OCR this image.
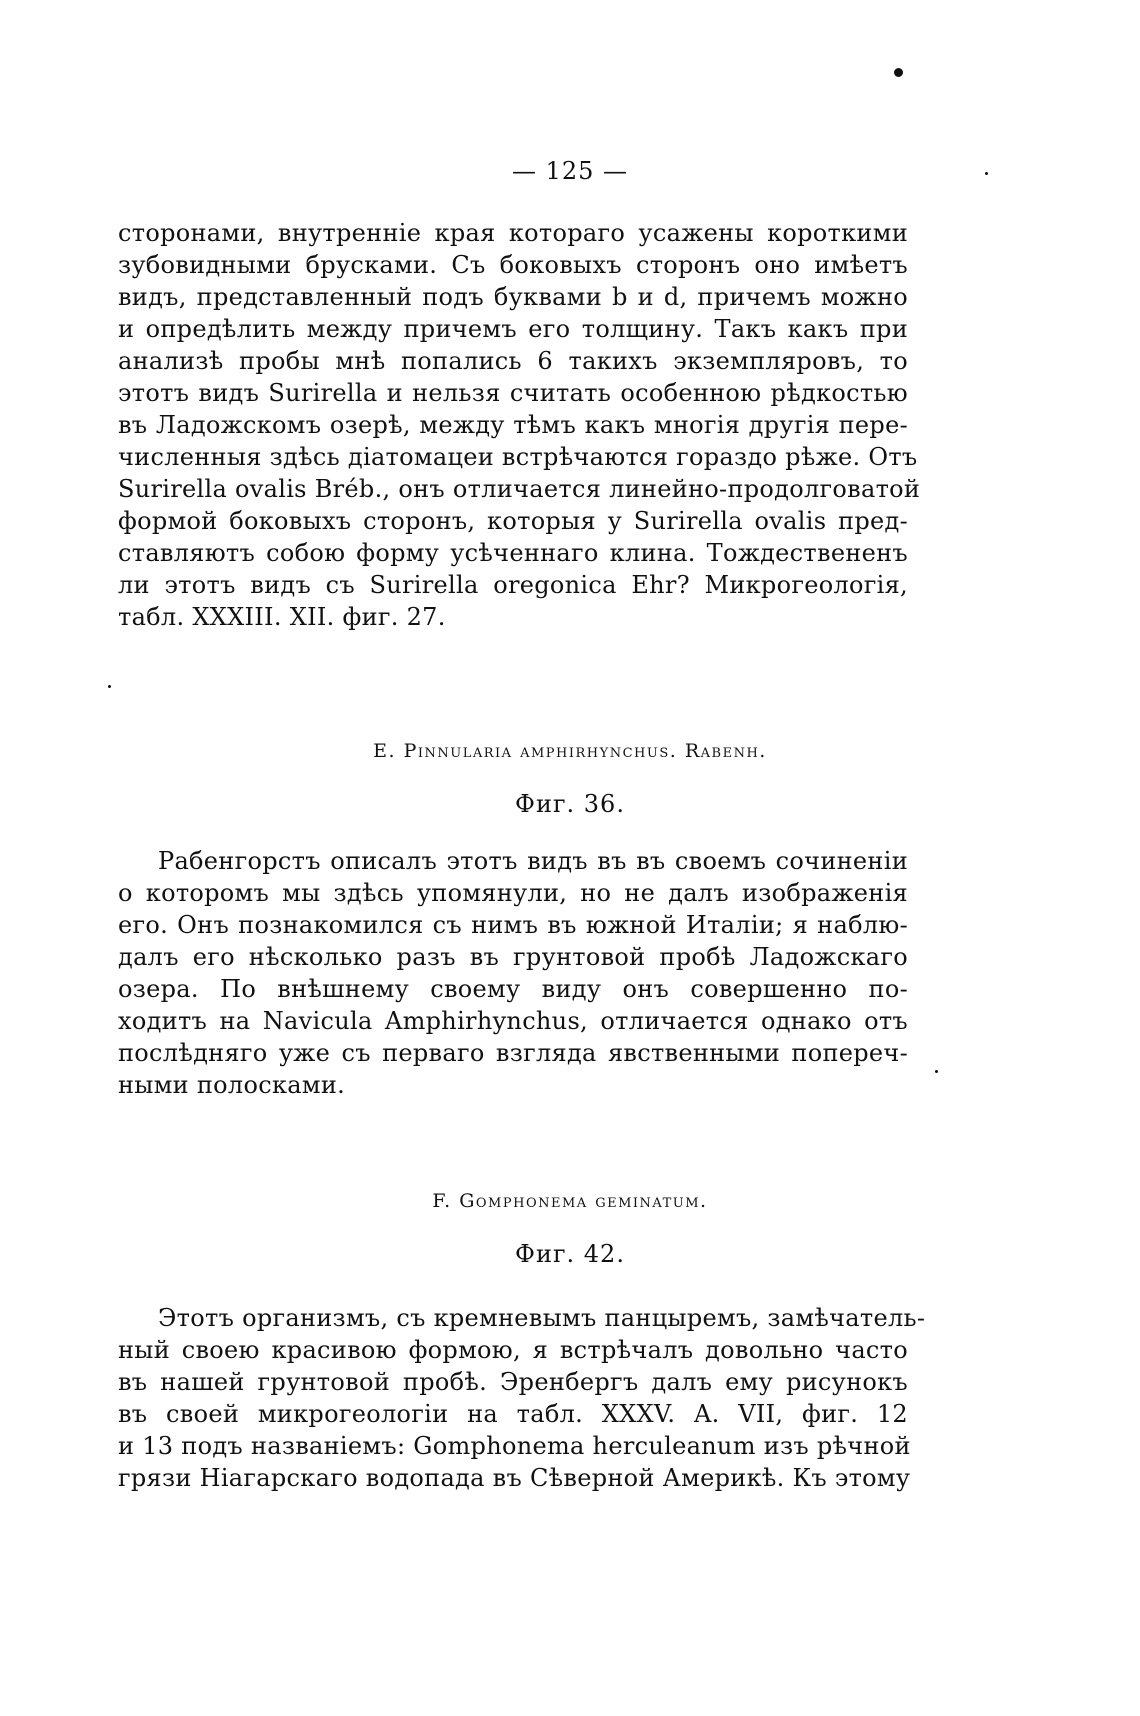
— 125 —
сторонами, внутреннiе края котораго усажены короткими
зубовидными брусками. Съ боковыхъ сторонъ оно имѣетъ
видъ, представленный подъ буквами b и d, причемъ можно
и опредѣлить между причемъ его толщину. Такъ какъ при
анализѣ пробы мнѣ попались 6 такихъ экземпляровъ, то
этотъ видъ Surirella и нельзя считать особенною рѣдкостью
въ Ладожскомъ озерѣ, между тѣмъ какъ многiя другiя пере-
численныя здѣсь дiатомацеи встрѣчаются гораздо рѣже. Отъ
Surirella ovalis Bréb., онъ отличается линейно-продолговатой
формой боковыхъ сторонъ, которыя у Surirella ovalis пред-
ставляютъ собою форму усѣченнаго клина. Тождествененъ
ли этотъ видъ съ Surirella oregonica Ehr? Микрогеологiя,
табл. XXXIII. XII. фиг. 27.
E. Pinnularia amphirhynchus. Rabenh.
Фиг. 36.
Рабенгорстъ описалъ этотъ видъ въ въ своемъ сочиненiи
о которомъ мы здѣсь упомянули, но не далъ изображенiя
его. Онъ познакомился съ нимъ въ южной Италiи; я наблю-
далъ его нѣсколько разъ въ грунтовой пробѣ Ладожскаго
озера. По внѣшнему своему виду онъ совершенно по-
ходитъ на Navicula Amphirhynchus, отличается однако отъ
послѣдняго уже съ перваго взгляда явственными попереч-
ными полосками.
F. Gomphonema geminatum.
Фиг. 42.
Этотъ организмъ, съ кремневымъ панцыремъ, замѣчатель-
ный своею красивою формою, я встрѣчалъ довольно часто
въ нашей грунтовой пробѣ. Эренбергъ далъ ему рисунокъ
въ своей микрогеологiи на табл. XXXV. A. VII, фиг. 12
и 13 подъ названiемъ: Gomphonema herculeanum изъ рѣчной
грязи Нiагарскаго водопада въ Сѣверной Америкѣ. Къ этому
